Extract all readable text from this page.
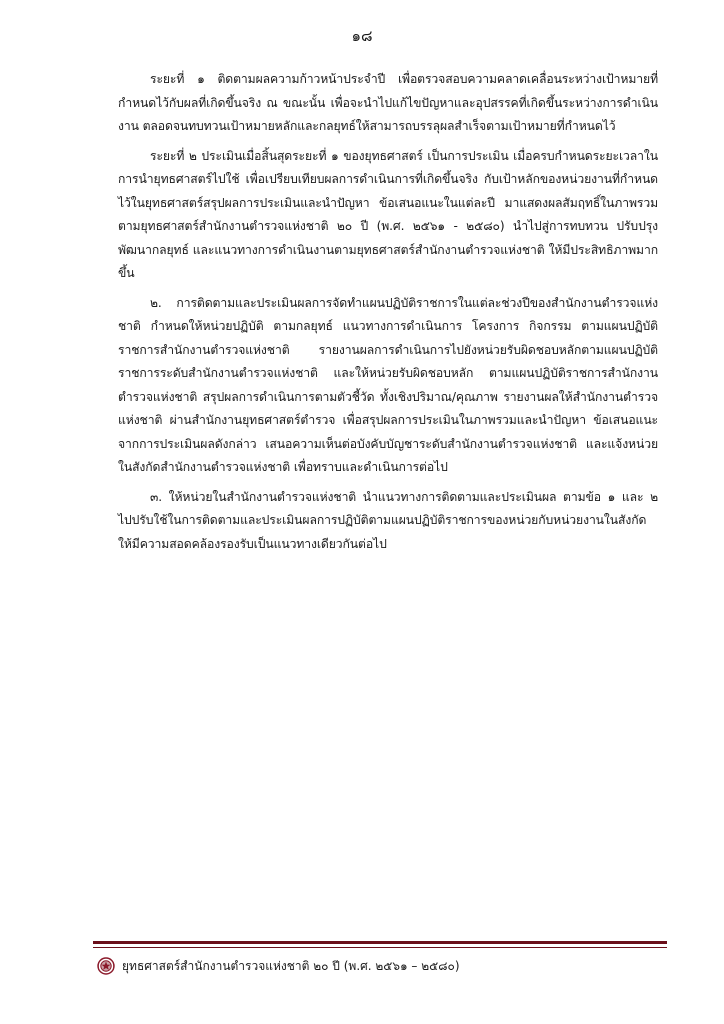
๑๘

ระยะที่ ๑ ติดตามผลความก้าวหน้าประจำปี เพื่อตรวจสอบความคลาดเคลื่อนระหว่างเป้าหมายที่กำหนดไว้กับผลที่เกิดขึ้นจริง ณ ขณะนั้น เพื่อจะนำไปแก้ไขปัญหาและอุปสรรคที่เกิดขึ้นระหว่างการดำเนินงาน ตลอดจนทบทวนเป้าหมายหลักและกลยุทธ์ให้สามารถบรรลุผลสำเร็จตามเป้าหมายที่กำหนดไว้

ระยะที่ ๒ ประเมินเมื่อสิ้นสุดระยะที่ ๑ ของยุทธศาสตร์ เป็นการประเมิน เมื่อครบกำหนดระยะเวลาในการนำยุทธศาสตร์ไปใช้ เพื่อเปรียบเทียบผลการดำเนินการที่เกิดขึ้นจริง กับเป้าหลักของหน่วยงานที่กำหนดไว้ในยุทธศาสตร์สรุปผลการประเมินและนำปัญหา ข้อเสนอแนะในแต่ละปี มาแสดงผลสัมฤทธิ์ในภาพรวมตามยุทธศาสตร์สำนักงานตำรวจแห่งชาติ ๒๐ ปี (พ.ศ. ๒๕๖๑ - ๒๕๘๐) นำไปสู่การทบทวน ปรับปรุง พัฒนากลยุทธ์ และแนวทางการดำเนินงานตามยุทธศาสตร์สำนักงานตำรวจแห่งชาติ ให้มีประสิทธิภาพมากขึ้น

๒. การติดตามและประเมินผลการจัดทำแผนปฏิบัติราชการในแต่ละช่วงปีของสำนักงานตำรวจแห่งชาติ กำหนดให้หน่วยปฏิบัติ ตามกลยุทธ์ แนวทางการดำเนินการ โครงการ กิจกรรม ตามแผนปฏิบัติราชการสำนักงานตำรวจแห่งชาติ รายงานผลการดำเนินการไปยังหน่วยรับผิดชอบหลักตามแผนปฏิบัติราชการระดับสำนักงานตำรวจแห่งชาติ และให้หน่วยรับผิดชอบหลัก ตามแผนปฏิบัติราชการสำนักงานตำรวจแห่งชาติ สรุปผลการดำเนินการตามตัวชี้วัด ทั้งเชิงปริมาณ/คุณภาพ รายงานผลให้สำนักงานตำรวจแห่งชาติ ผ่านสำนักงานยุทธศาสตร์ตำรวจ เพื่อสรุปผลการประเมินในภาพรวมและนำปัญหา ข้อเสนอแนะจากการประเมินผลดังกล่าว เสนอความเห็นต่อบังคับบัญชาระดับสำนักงานตำรวจแห่งชาติ และแจ้งหน่วยในสังกัดสำนักงานตำรวจแห่งชาติ เพื่อทราบและดำเนินการต่อไป

๓. ให้หน่วยในสำนักงานตำรวจแห่งชาติ นำแนวทางการติดตามและประเมินผล ตามข้อ ๑ และ ๒ ไปปรับใช้ในการติดตามและประเมินผลการปฏิบัติตามแผนปฏิบัติราชการของหน่วยกับหน่วยงานในสังกัดให้มีความสอดคล้องรองรับเป็นแนวทางเดียวกันต่อไป

ยุทธศาสตร์สำนักงานตำรวจแห่งชาติ ๒๐ ปี (พ.ศ. ๒๕๖๑ – ๒๕๘๐)
